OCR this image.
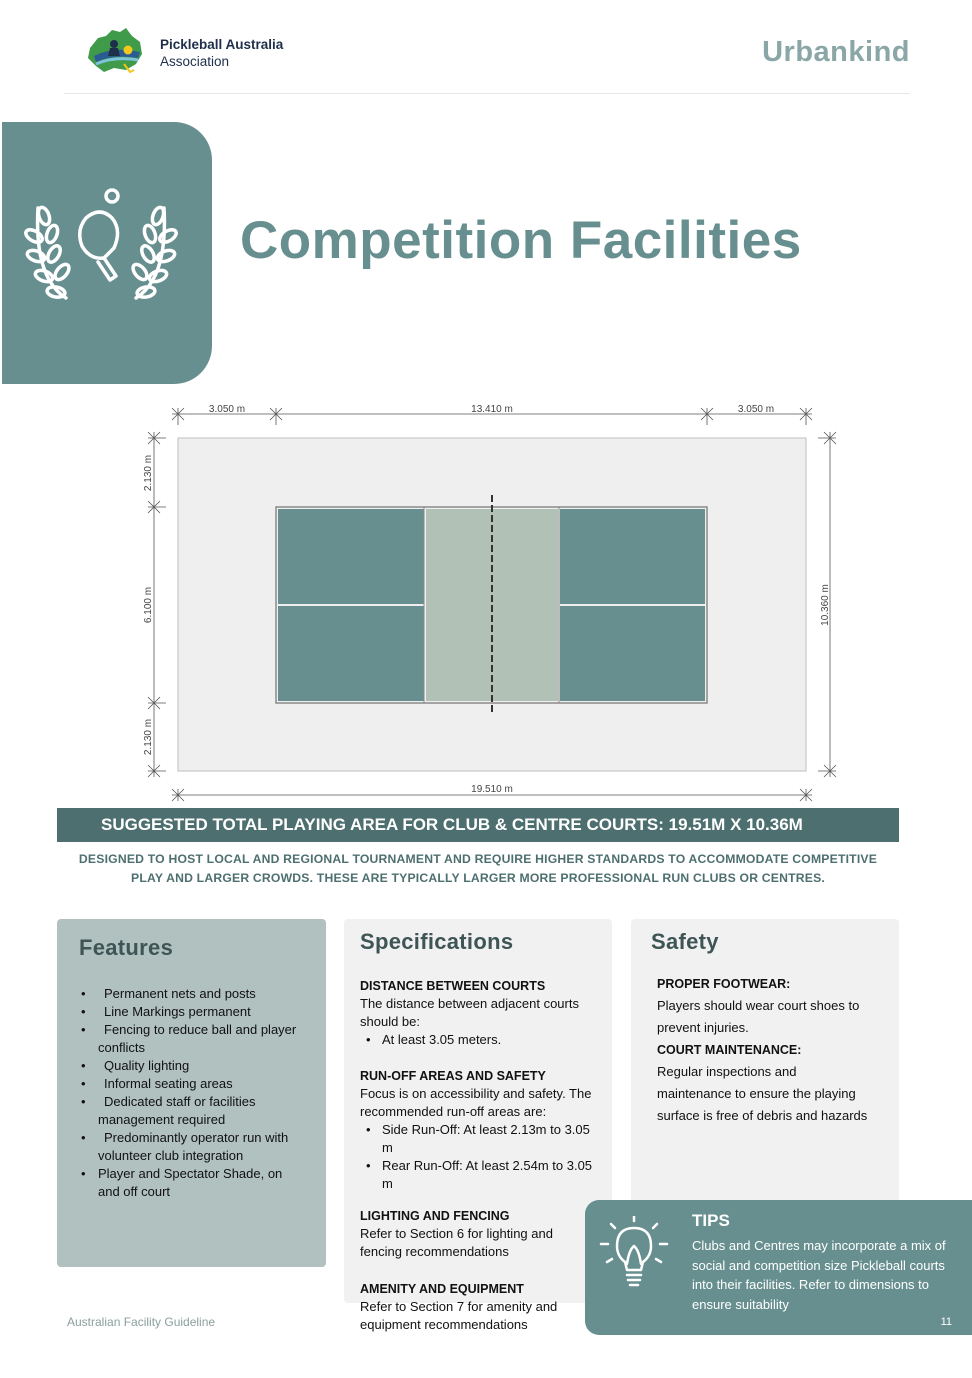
Pickleball Australia
Association	Urbankind
Competition Facilities
3.050 m	13.410 m	3.050 m
2.130 m
6.100 m
2.130 m
10.360 m
19.510 m
SUGGESTED TOTAL PLAYING AREA FOR CLUB & CENTRE COURTS: 19.51M X 10.36M
DESIGNED TO HOST LOCAL AND REGIONAL TOURNAMENT AND REQUIRE HIGHER STANDARDS TO ACCOMMODATE COMPETITIVE
PLAY AND LARGER CROWDS. THESE ARE TYPICALLY LARGER MORE PROFESSIONAL RUN CLUBS OR CENTRES.
Features
• Permanent nets and posts
• Line Markings permanent
• Fencing to reduce ball and player conflicts
• Quality lighting
• Informal seating areas
• Dedicated staff or facilities management required
• Predominantly operator run with volunteer club integration
• Player and Spectator Shade, on and off court
Specifications
DISTANCE BETWEEN COURTS
The distance between adjacent courts should be:
• At least 3.05 meters.
RUN-OFF AREAS AND SAFETY
Focus is on accessibility and safety. The recommended run-off areas are:
• Side Run-Off: At least 2.13m to 3.05 m
• Rear Run-Off: At least 2.54m to 3.05 m
LIGHTING AND FENCING
Refer to Section 6 for lighting and fencing recommendations
AMENITY AND EQUIPMENT
Refer to Section 7 for amenity and equipment recommendations
Safety
PROPER FOOTWEAR:
Players should wear court shoes to prevent injuries.
COURT MAINTENANCE:
Regular inspections and maintenance to ensure the playing surface is free of debris and hazards
TIPS
Clubs and Centres may incorporate a mix of social and competition size Pickleball courts into their facilities. Refer to dimensions to ensure suitability
11
Australian Facility Guideline
